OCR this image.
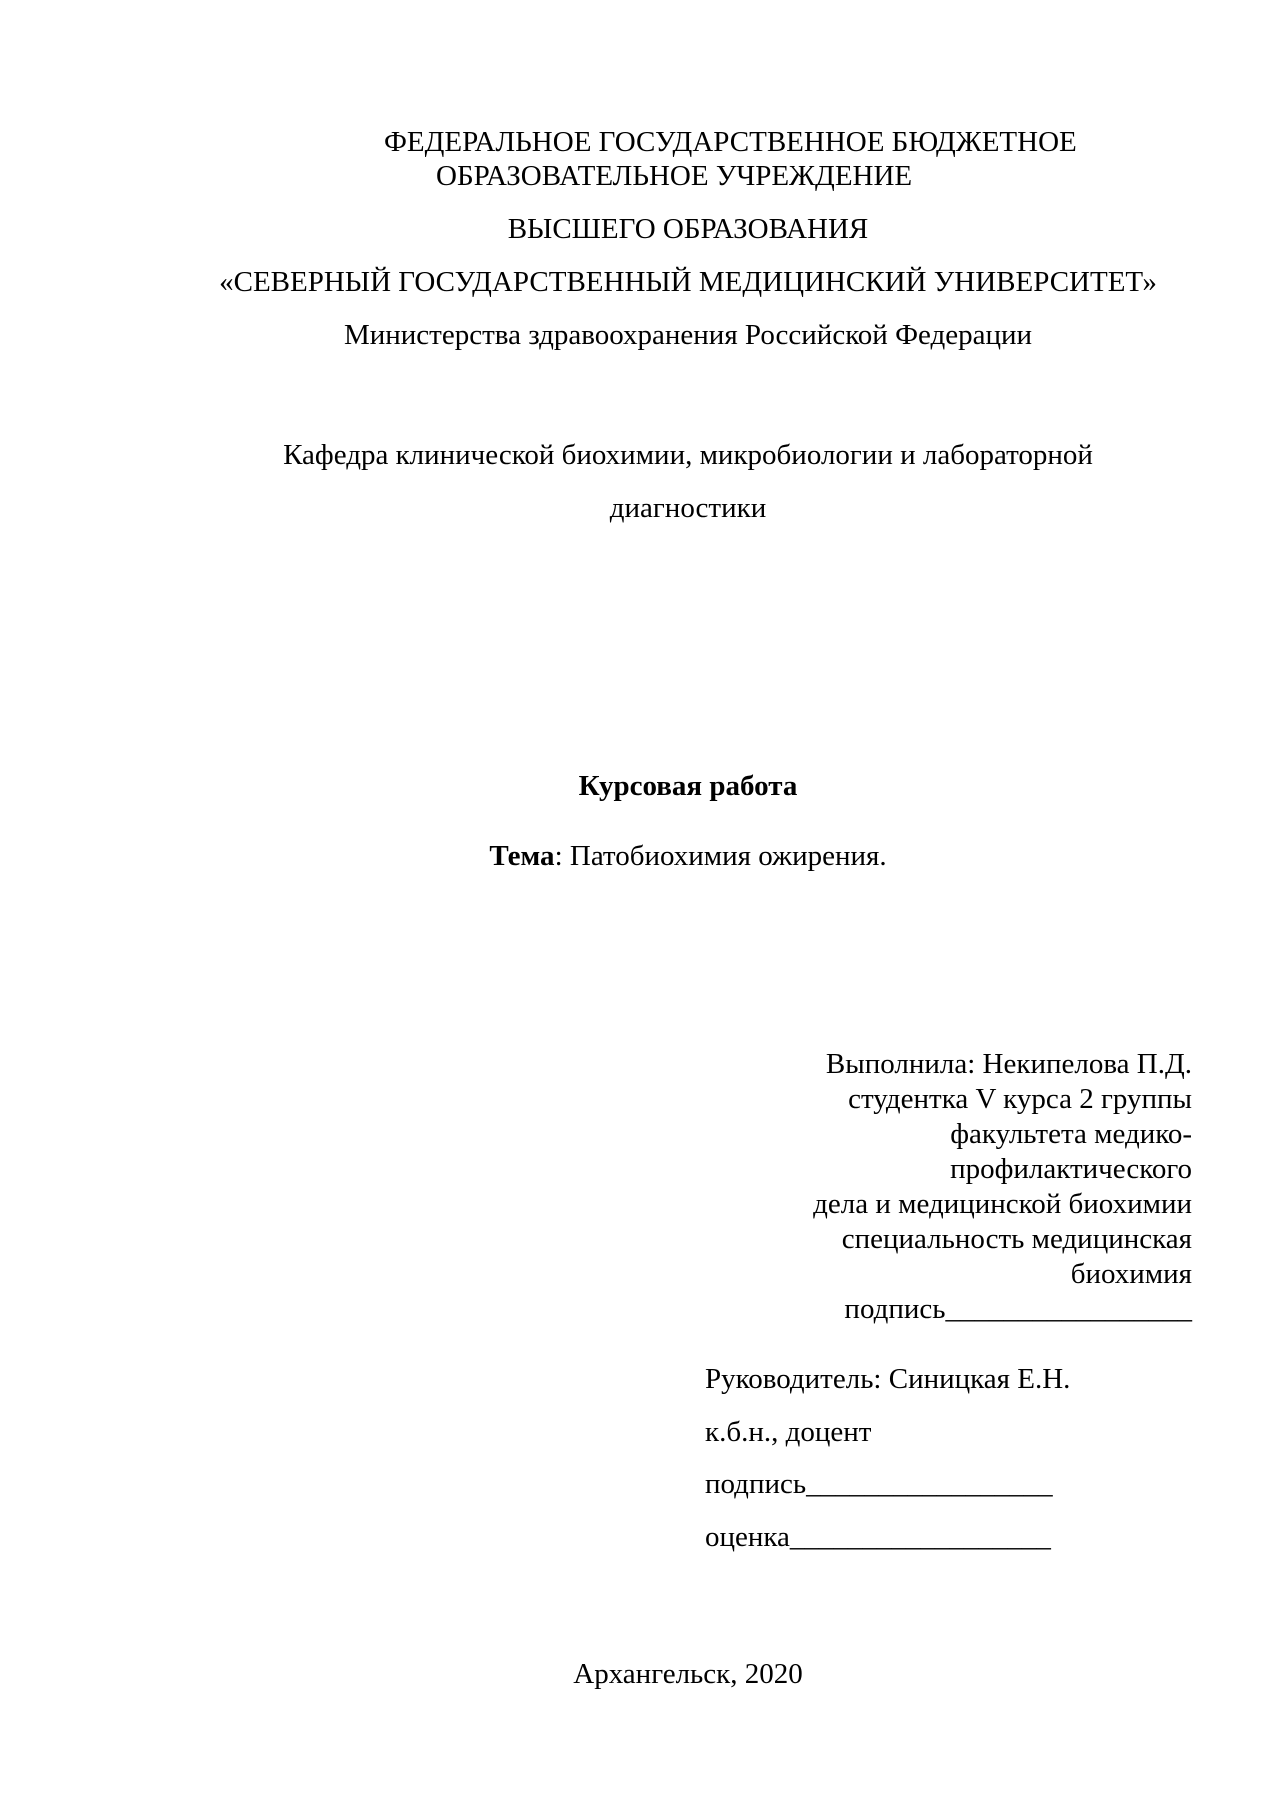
ФЕДЕРАЛЬНОЕ ГОСУДАРСТВЕННОЕ БЮДЖЕТНОЕ
ОБРАЗОВАТЕЛЬНОЕ УЧРЕЖДЕНИЕ
ВЫСШЕГО ОБРАЗОВАНИЯ
«СЕВЕРНЫЙ ГОСУДАРСТВЕННЫЙ МЕДИЦИНСКИЙ УНИВЕРСИТЕТ»
Министерства здравоохранения Российской Федерации
Кафедра клинической биохимии, микробиологии и лабораторной
диагностики
Курсовая работа
Тема: Патобиохимия ожирения.
Выполнила: Некипелова П.Д.
студентка V курса 2 группы
факультета медико-
профилактического
дела и медицинской биохимии
специальность медицинская
биохимия
подпись_________________
Руководитель: Синицкая Е.Н.
к.б.н., доцент
подпись_________________
оценка__________________
Архангельск, 2020
